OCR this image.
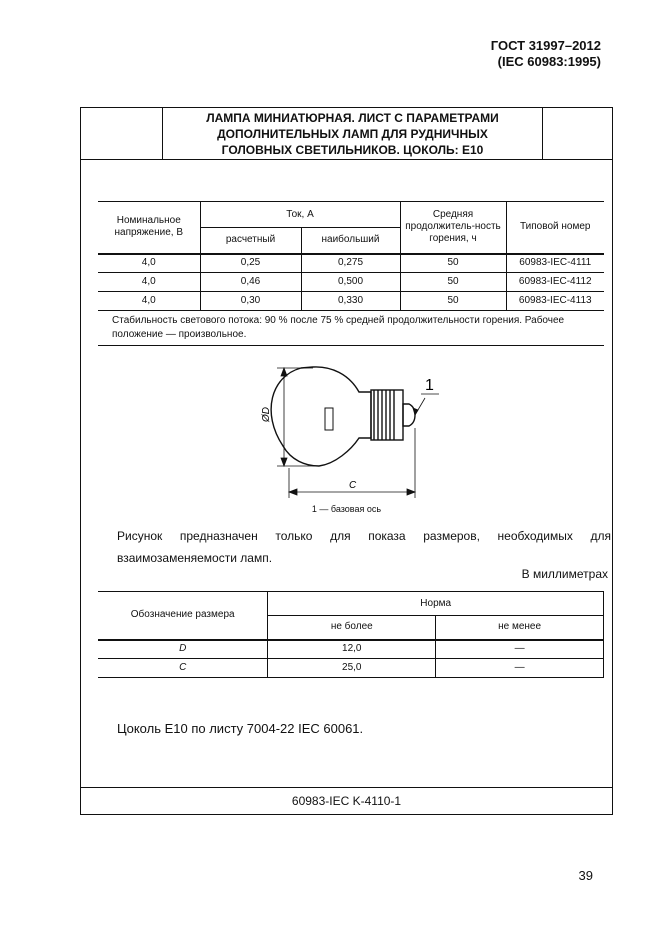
ГОСТ 31997–2012
(IEC 60983:1995)
ЛАМПА МИНИАТЮРНАЯ. ЛИСТ С ПАРАМЕТРАМИ
ДОПОЛНИТЕЛЬНЫХ ЛАМП ДЛЯ РУДНИЧНЫХ
ГОЛОВНЫХ СВЕТИЛЬНИКОВ. ЦОКОЛЬ: Е10
Номинальное напряжение, В	Ток, А		Средняя продолжитель-ность горения, ч	Типовой номер
	расчетный	наибольший		
4,0	0,25	0,275	50	60983-IEC-4111
4,0	0,46	0,500	50	60983-IEC-4112
4,0	0,30	0,330	50	60983-IEC-4113
Стабильность светового потока: 90 % после 75 % средней продолжительности горения. Рабочее положение — произвольное.				
ØD
C
1
1 — базовая ось
Рисунок предназначен только для показа размеров, необходимых для взаимозаменяемости ламп.
В миллиметрах
Обозначение размера	Норма	
	не более	не менее
D	12,0	—
C	25,0	—
Цоколь Е10 по листу 7004-22 IEC 60061.
60983-IEC K-4110-1
39
